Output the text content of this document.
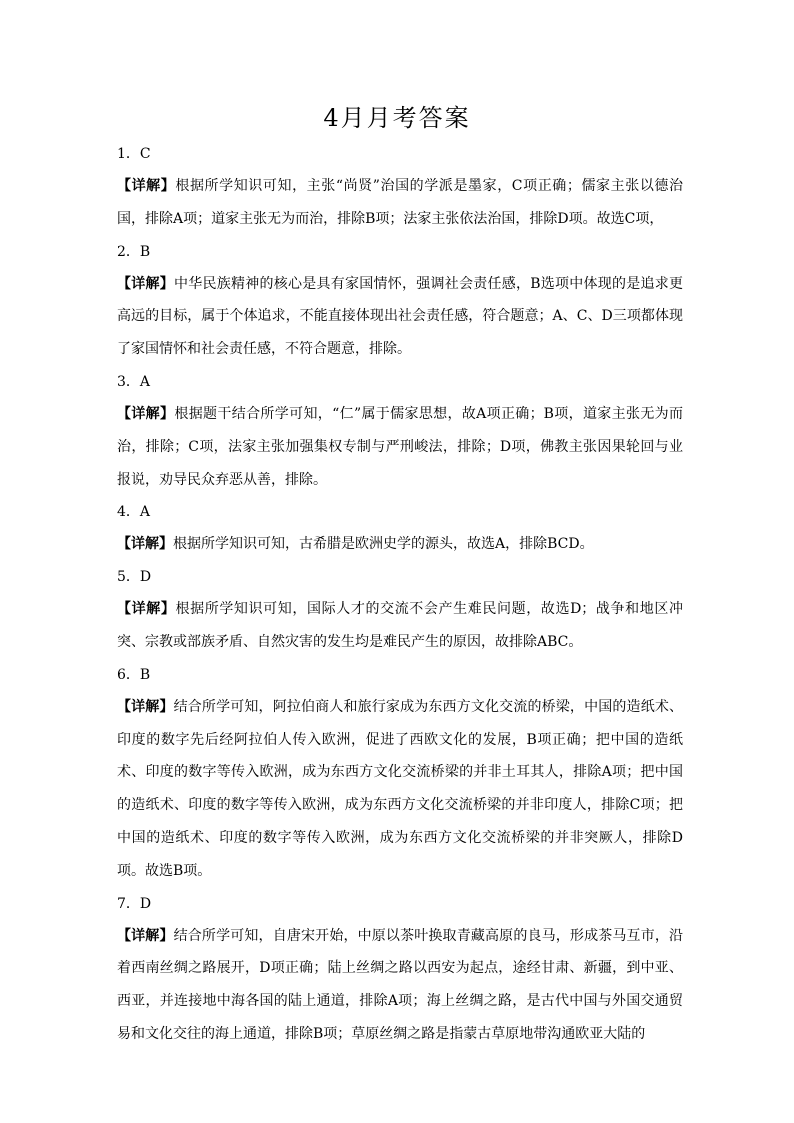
4月月考答案
1．C
【详解】根据所学知识可知，主张“尚贤”治国的学派是墨家，C项正确；儒家主张以德治国，排除A项；道家主张无为而治，排除B项；法家主张依法治国，排除D项。故选C项，
2．B
【详解】中华民族精神的核心是具有家国情怀，强调社会责任感，B选项中体现的是追求更高远的目标，属于个体追求，不能直接体现出社会责任感，符合题意；A、C、D三项都体现了家国情怀和社会责任感，不符合题意，排除。
3．A
【详解】根据题干结合所学可知，“仁”属于儒家思想，故A项正确；B项，道家主张无为而治，排除；C项，法家主张加强集权专制与严刑峻法，排除；D项，佛教主张因果轮回与业报说，劝导民众弃恶从善，排除。
4．A
【详解】根据所学知识可知，古希腊是欧洲史学的源头，故选A，排除BCD。
5．D
【详解】根据所学知识可知，国际人才的交流不会产生难民问题，故选D；战争和地区冲突、宗教或部族矛盾、自然灾害的发生均是难民产生的原因，故排除ABC。
6．B
【详解】结合所学可知，阿拉伯商人和旅行家成为东西方文化交流的桥梁，中国的造纸术、印度的数字先后经阿拉伯人传入欧洲，促进了西欧文化的发展，B项正确；把中国的造纸术、印度的数字等传入欧洲，成为东西方文化交流桥梁的并非土耳其人，排除A项；把中国的造纸术、印度的数字等传入欧洲，成为东西方文化交流桥梁的并非印度人，排除C项；把中国的造纸术、印度的数字等传入欧洲，成为东西方文化交流桥梁的并非突厥人，排除D项。故选B项。
7．D
【详解】结合所学可知，自唐宋开始，中原以茶叶换取青藏高原的良马，形成茶马互市，沿着西南丝绸之路展开，D项正确；陆上丝绸之路以西安为起点，途经甘肃、新疆，到中亚、西亚，并连接地中海各国的陆上通道，排除A项；海上丝绸之路，是古代中国与外国交通贸易和文化交往的海上通道，排除B项；草原丝绸之路是指蒙古草原地带沟通欧亚大陆的
